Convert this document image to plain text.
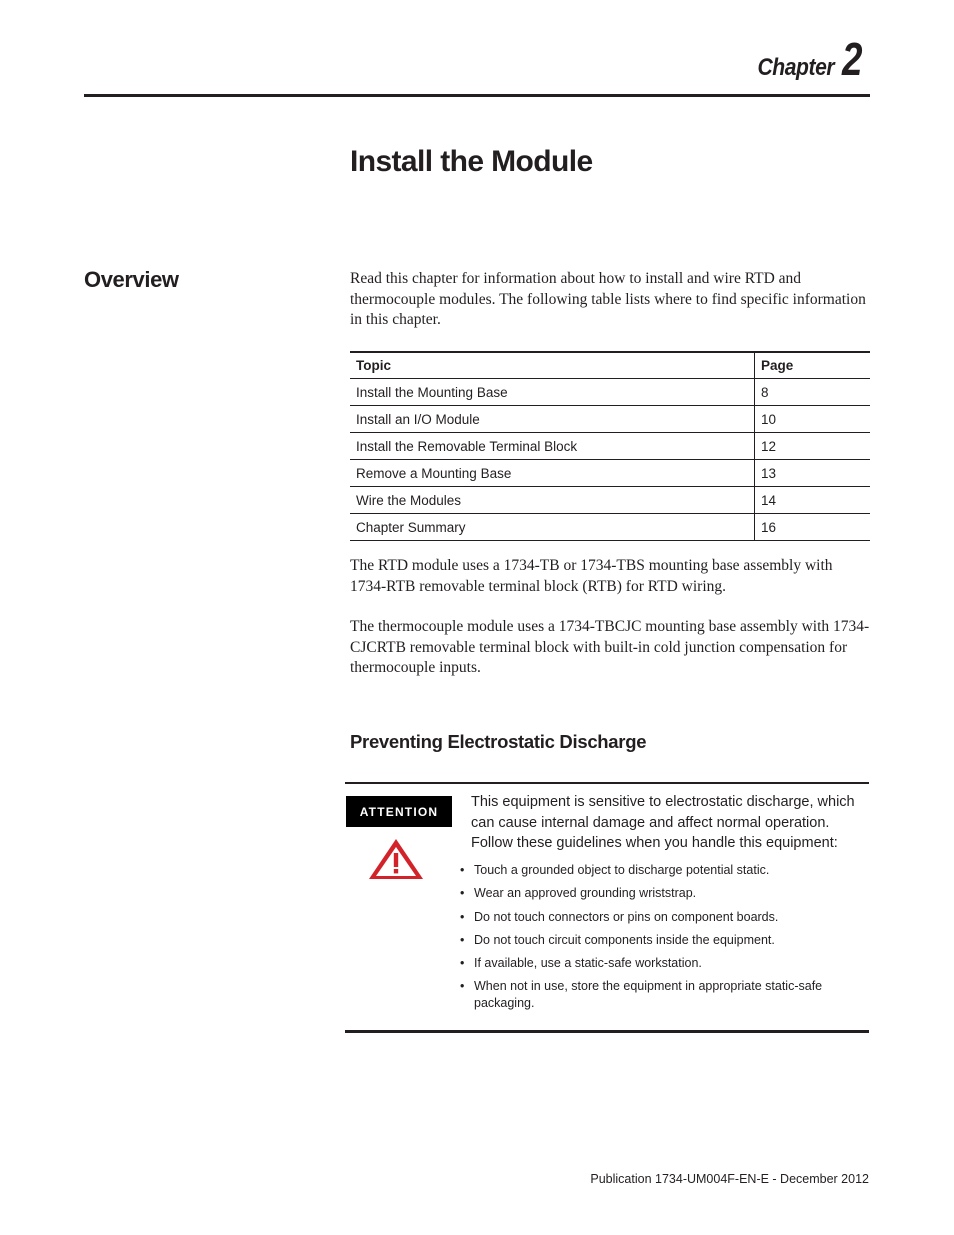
Chapter 2
Install the Module
Overview	Read this chapter for information about how to install and wire RTD and thermocouple modules. The following table lists where to find specific information in this chapter.

Topic	Page
Install the Mounting Base	8
Install an I/O Module	10
Install the Removable Terminal Block	12
Remove a Mounting Base	13
Wire the Modules	14
Chapter Summary	16

The RTD module uses a 1734-TB or 1734-TBS mounting base assembly with 1734-RTB removable terminal block (RTB) for RTD wiring.

The thermocouple module uses a 1734-TBCJC mounting base assembly with 1734-CJCRTB removable terminal block with built-in cold junction compensation for thermocouple inputs.

Preventing Electrostatic Discharge
ATTENTION

This equipment is sensitive to electrostatic discharge, which can cause internal damage and affect normal operation. Follow these guidelines when you handle this equipment:

• Touch a grounded object to discharge potential static.
• Wear an approved grounding wriststrap.
• Do not touch connectors or pins on component boards.
• Do not touch circuit components inside the equipment.
• If available, use a static-safe workstation.
• When not in use, store the equipment in appropriate static-safe packaging.
Publication 1734-UM004F-EN-E - December 2012
